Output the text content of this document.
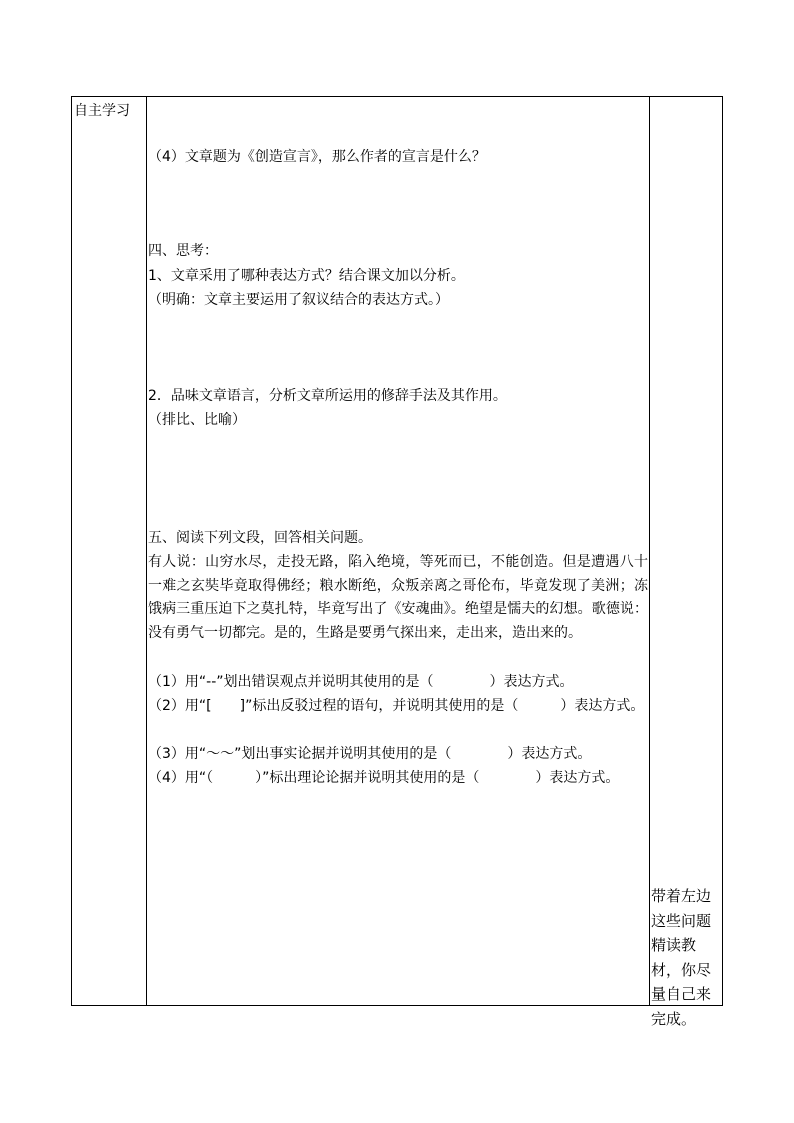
自主学习
（4）文章题为《创造宣言》，那么作者的宣言是什么？
四、思考：
1、文章采用了哪种表达方式？结合课文加以分析。
（明确：文章主要运用了叙议结合的表达方式。）
2．品味文章语言，分析文章所运用的修辞手法及其作用。
（排比、比喻）
五、阅读下列文段，回答相关问题。
有人说：山穷水尽，走投无路，陷入绝境，等死而已，不能创造。但是遭遇八十一难之玄奘毕竟取得佛经；粮水断绝，众叛亲离之哥伦布，毕竟发现了美洲；冻饿病三重压迫下之莫扎特，毕竟写出了《安魂曲》。绝望是懦夫的幻想。歌德说：没有勇气一切都完。是的，生路是要勇气探出来，走出来，造出来的。
（1）用“--”划出错误观点并说明其使用的是（　　　　）表达方式。
（2）用“[　　]”标出反驳过程的语句，并说明其使用的是（　　　）表达方式。
（3）用“～～”划出事实论据并说明其使用的是（　　　　）表达方式。
（4）用“（　　　）”标出理论论据并说明其使用的是（　　　　）表达方式。
带着左边这些问题精读教材，你尽量自己来完成。
